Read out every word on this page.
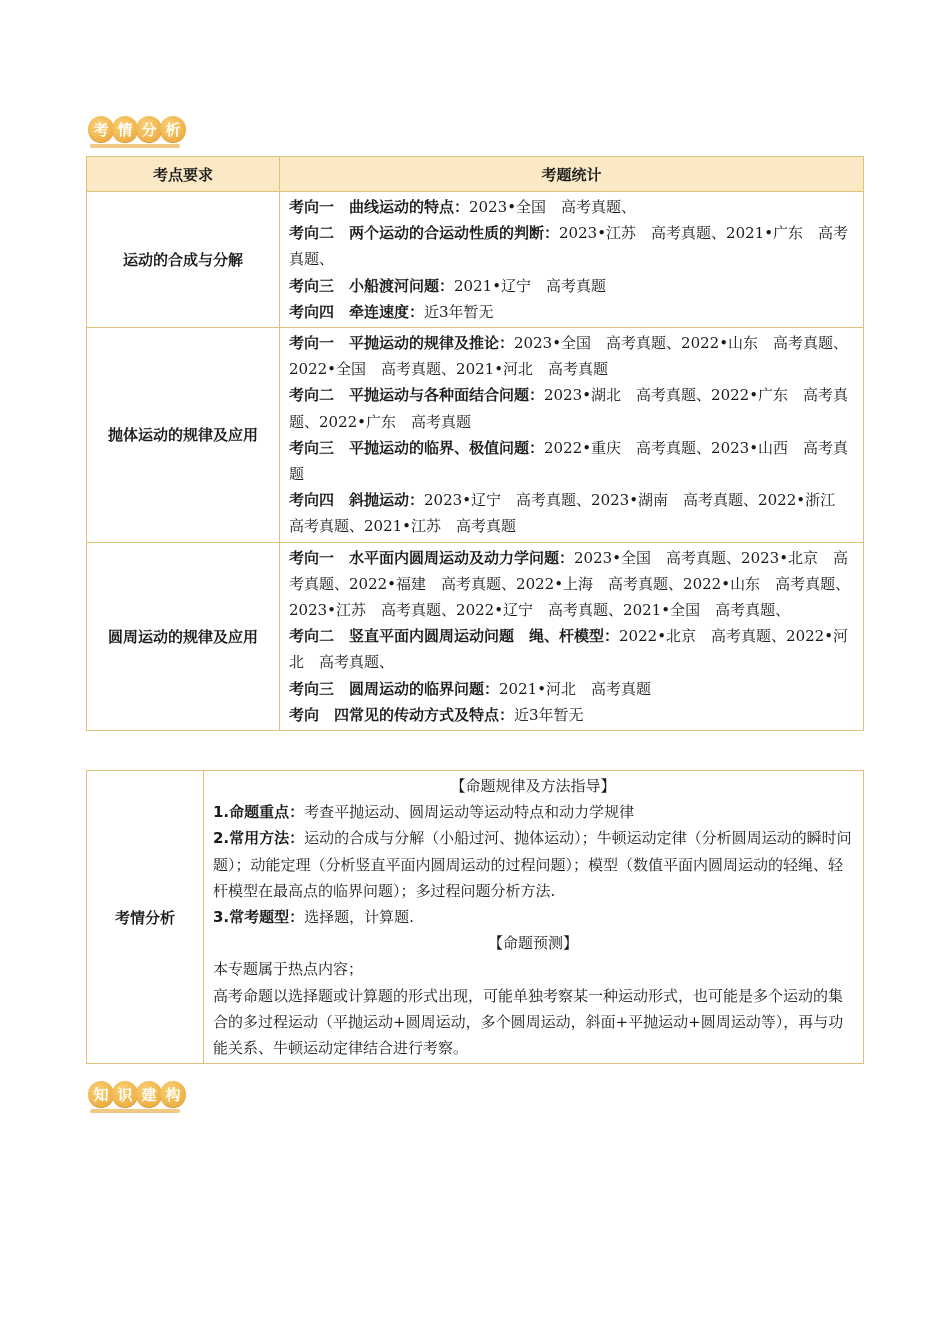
考 情 分 析
考点要求	考题统计
运动的合成与分解	考向一　曲线运动的特点：2023•全国　高考真题、
考向二　两个运动的合运动性质的判断：2023•江苏　高考真题、2021•广东　高考真题、
考向三　小船渡河问题：2021•辽宁　高考真题
考向四　牵连速度：近3年暂无

抛体运动的规律及应用	考向一　平抛运动的规律及推论：2023•全国　高考真题、2022•山东　高考真题、2022•全国　高考真题、2021•河北　高考真题
考向二　平抛运动与各种面结合问题：2023•湖北　高考真题、2022•广东　高考真题、2022•广东　高考真题
考向三　平抛运动的临界、极值问题：2022•重庆　高考真题、2023•山西　高考真题
考向四　斜抛运动：2023•辽宁　高考真题、2023•湖南　高考真题、2022•浙江　高考真题、2021•江苏　高考真题

圆周运动的规律及应用	考向一　水平面内圆周运动及动力学问题：2023•全国　高考真题、2023•北京　高考真题、2022•福建　高考真题、2022•上海　高考真题、2022•山东　高考真题、2023•江苏　高考真题、2022•辽宁　高考真题、2021•全国　高考真题、
考向二　竖直平面内圆周运动问题　绳、杆模型：2022•北京　高考真题、2022•河北　高考真题、
考向三　圆周运动的临界问题：2021•河北　高考真题
考向　四常见的传动方式及特点：近3年暂无
考情分析	
【命题规律及方法指导】
1.命题重点：考查平抛运动、圆周运动等运动特点和动力学规律
2.常用方法：运动的合成与分解（小船过河、抛体运动）；牛顿运动定律（分析圆周运动的瞬时问题）；动能定理（分析竖直平面内圆周运动的过程问题）；模型（数值平面内圆周运动的轻绳、轻杆模型在最高点的临界问题）；多过程问题分析方法.
3.常考题型：选择题，计算题.
【命题预测】
本专题属于热点内容；
高考命题以选择题或计算题的形式出现，可能单独考察某一种运动形式，也可能是多个运动的集合的多过程运动（平抛运动+圆周运动，多个圆周运动，斜面+平抛运动+圆周运动等），再与功能关系、牛顿运动定律结合进行考察。
知 识 建 构
